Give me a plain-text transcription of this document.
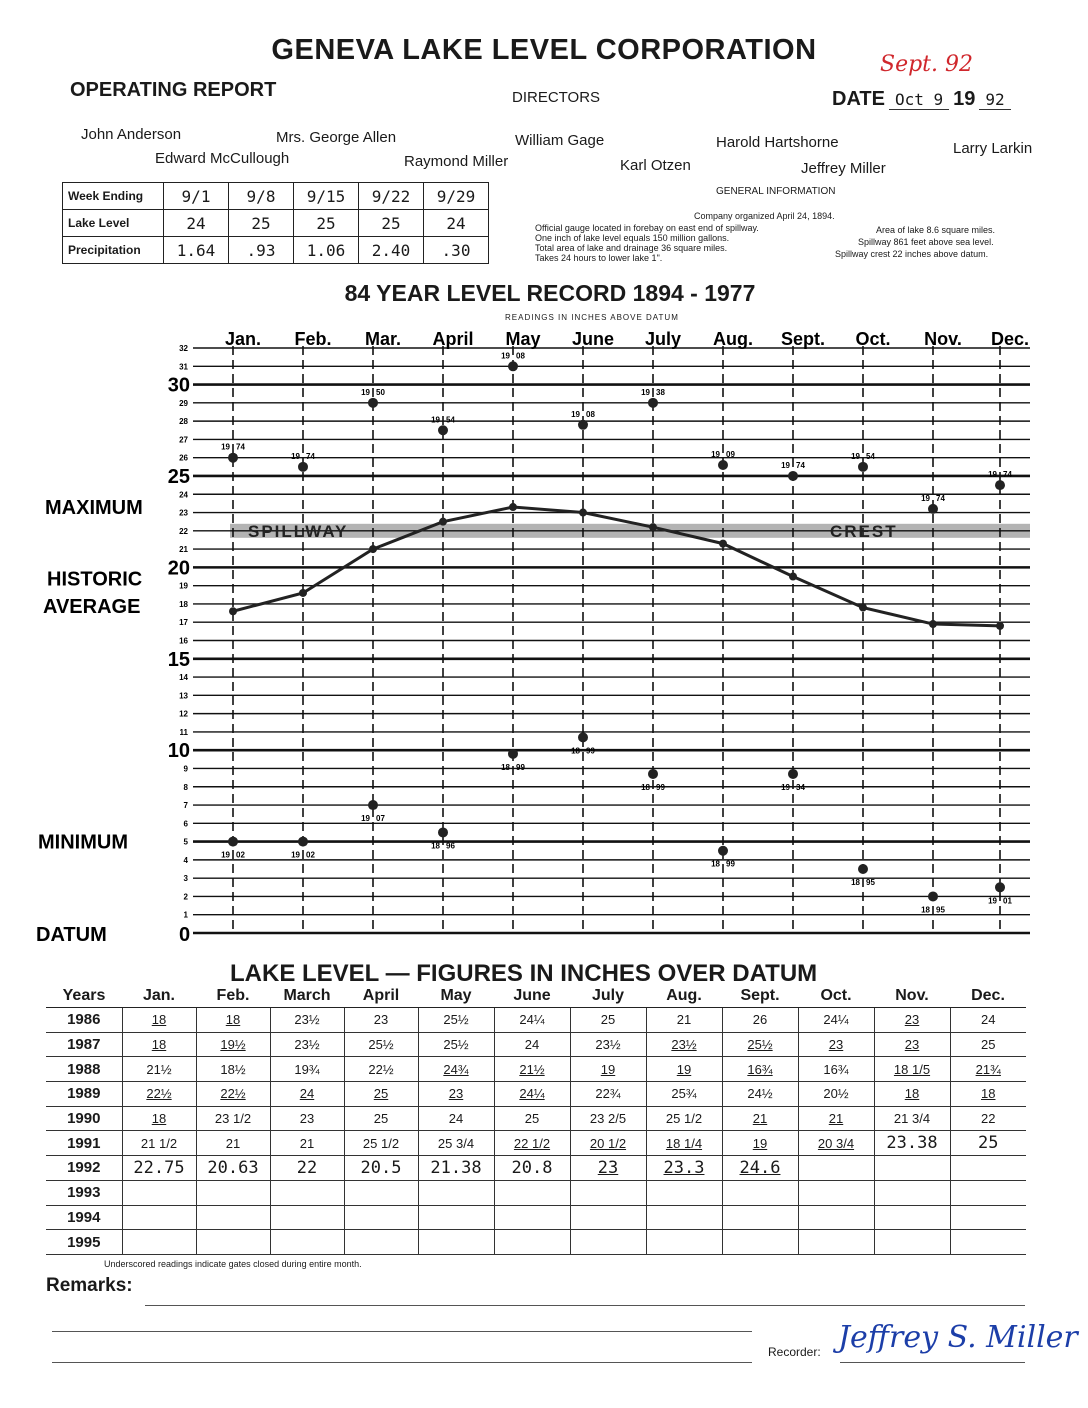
GENEVA LAKE LEVEL CORPORATION	Sept. 92
OPERATING REPORT	DIRECTORS	DATE Oct 9 19 92
John Anderson	Mrs. George Allen	William Gage	Harold Hartshorne	Larry Larkin
Edward McCullough	Raymond Miller	Karl Otzen	Jeffrey Miller
Week Ending	9/1	9/8	9/15	9/22	9/29
Lake Level	24	25	25	25	24
Precipitation	1.64	.93	1.06	2.40	.30
GENERAL INFORMATION
Company organized April 24, 1894.
Official gauge located in forebay on east end of spillway.
One inch of lake level equals 150 million gallons.
Total area of lake and drainage 36 square miles.
Takes 24 hours to lower lake 1".
Area of lake 8.6 square miles.
Spillway 861 feet above sea level.
Spillway crest 22 inches above datum.
84 YEAR LEVEL RECORD 1894 - 1977
READINGS IN INCHES ABOVE DATUM
1
2
3
4
5
6
7
8
9
10
11
12
13
14
15
16
17
18
19
20
21
22
23
24
25
26
27
28
29
30
31
32 Jan. Feb. Mar. April May June July Aug. Sept. Oct. Nov. Dec.
MAXIMUM
HISTORIC
AVERAGE
MINIMUM
DATUM	0
SPILLWAY	CREST
19 74
19 74
19 50
19 54
19 08
19 08
19 38
19 09
19 74
19 54
19 74
19 74
19 02	19 02
19 07
18 96
18 99
18 99
18 99
18 99
19 34
18 95
18 95
19 01
LAKE LEVEL — FIGURES IN INCHES OVER DATUM
Years	Jan.	Feb.	March	April	May	June	July	Aug.	Sept.	Oct.	Nov.	Dec.
1986	18	18	23½	23	25½	24¼	25	21	26	24¼	23	24
1987	18	19½	23½	25½	25½	24	23½	23½	25½	23	23	25
1988	21½	18½	19¾	22½	24¾	21½	19	19	16¾	16¾	18 1/5	21¾
1989	22½	22½	24	25	23	24¼	22¾	25¾	24½	20½	18	18
1990	18	23 1/2	23	25	24	25	23 2/5	25 1/2	21	21	21 3/4	22
1991	21 1/2	21	21	25 1/2	25 3/4	22 1/2	20 1/2	18 1/4	19	20 3/4	23.38	25
1992	22.75	20.63	22	20.5	21.38	20.8	23	23.3	24.6			
1993												
1994												
1995												
Underscored readings indicate gates closed during entire month.
Remarks:
Recorder: Jeffrey S. Miller
